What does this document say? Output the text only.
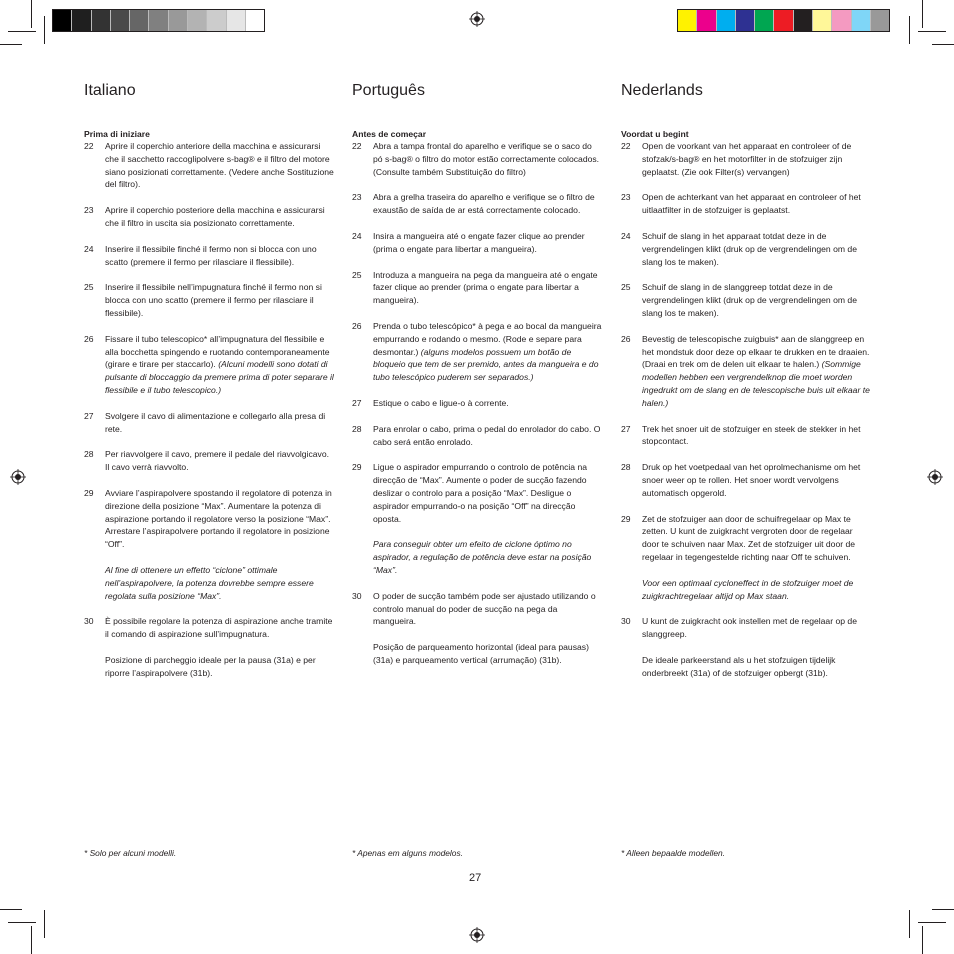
Italiano

Prima di iniziare

22	Aprire il coperchio anteriore della macchina e assicurarsi che il sacchetto raccoglipolvere s-bag® e il filtro del motore siano posizionati correttamente. (Vedere anche Sostituzione del filtro).

23	Aprire il coperchio posteriore della macchina e assicurarsi che il filtro in uscita sia posizionato correttamente.

24	Inserire il flessibile finché il fermo non si blocca con uno scatto (premere il fermo per rilasciare il flessibile).

25	Inserire il flessibile nell’impugnatura finché il fermo non si blocca con uno scatto (premere il fermo per rilasciare il flessibile).

26	Fissare il tubo telescopico* all’impugnatura del flessibile e alla bocchetta spingendo e ruotando contemporaneamente (girare e tirare per staccarlo). (Alcuni modelli sono dotati di pulsante di bloccaggio da premere prima di poter separare il flessibile e il tubo telescopico.)

27	Svolgere il cavo di alimentazione e collegarlo alla presa di rete.

28	Per riavvolgere il cavo, premere il pedale del riavvolgicavo. Il cavo verrà riavvolto.

29	Avviare l’aspirapolvere spostando il regolatore di potenza in direzione della posizione “Max”. Aumentare la potenza di aspirazione portando il regolatore verso la posizione “Max”. Arrestare l’aspirapolvere portando il regolatore in posizione “Off”.

Al fine di ottenere un effetto “ciclone” ottimale nell’aspirapolvere, la potenza dovrebbe sempre essere regolata sulla posizione “Max”.

30	È possibile regolare la potenza di aspirazione anche tramite il comando di aspirazione sull’impugnatura.

Posizione di parcheggio ideale per la pausa (31a) e per riporre l’aspirapolvere (31b).

Português

Antes de começar

22	Abra a tampa frontal do aparelho e verifique se o saco do pó s-bag® o filtro do motor estão correctamente colocados. (Consulte também Substituição do filtro)

23	Abra a grelha traseira do aparelho e verifique se o filtro de exaustão de saída de ar está correctamente colocado.

24	Insira a mangueira até o engate fazer clique ao prender (prima o engate para libertar a mangueira).

25	Introduza a mangueira na pega da mangueira até o engate fazer clique ao prender (prima o engate para libertar a mangueira).

26	Prenda o tubo telescópico* à pega e ao bocal da mangueira empurrando e rodando o mesmo. (Rode e separe para desmontar.) (alguns modelos possuem um botão de bloqueio que tem de ser premido, antes da mangueira e do tubo telescópico puderem ser separados.)

27	Estique o cabo e ligue-o à corrente.

28	Para enrolar o cabo, prima o pedal do enrolador do cabo. O cabo será então enrolado.

29	Ligue o aspirador empurrando o controlo de potência na direcção de “Max”. Aumente o poder de sucção fazendo deslizar o controlo para a posição “Max”. Desligue o aspirador empurrando-o na posição “Off” na direcção oposta.

Para conseguir obter um efeito de ciclone óptimo no aspirador, a regulação de potência deve estar na posição “Max”.

30	O poder de sucção também pode ser ajustado utilizando o controlo manual do poder de sucção na pega da mangueira.

Posição de parqueamento horizontal (ideal para pausas) (31a) e parqueamento vertical (arrumação) (31b).

Nederlands

Voordat u begint

22	Open de voorkant van het apparaat en controleer of de stofzak/s-bag® en het motorfilter in de stofzuiger zijn geplaatst. (Zie ook Filter(s) vervangen)

23	Open de achterkant van het apparaat en controleer of het uitlaatfilter in de stofzuiger is geplaatst.

24	Schuif de slang in het apparaat totdat deze in de vergrendelingen klikt (druk op de vergrendelingen om de slang los te maken).

25	Schuif de slang in de slanggreep totdat deze in de vergrendelingen klikt (druk op de vergrendelingen om de slang los te maken).

26	Bevestig de telescopische zuigbuis* aan de slanggreep en het mondstuk door deze op elkaar te drukken en te draaien. (Draai en trek om de delen uit elkaar te halen.) (Sommige modellen hebben een vergrendelknop die moet worden ingedrukt om de slang en de telescopische buis uit elkaar te halen.)

27	Trek het snoer uit de stofzuiger en steek de stekker in het stopcontact.

28	Druk op het voetpedaal van het oprolmechanisme om het snoer weer op te rollen. Het snoer wordt vervolgens automatisch opgerold.

29	Zet de stofzuiger aan door de schuifregelaar op Max te zetten. U kunt de zuigkracht vergroten door de regelaar door te schuiven naar Max. Zet de stofzuiger uit door de regelaar in tegengestelde richting naar Off te schuiven.

Voor een optimaal cycloneffect in de stofzuiger moet de zuigkrachtregelaar altijd op Max staan.

30	U kunt de zuigkracht ook instellen met de regelaar op de slanggreep.

De ideale parkeerstand als u het stofzuigen tijdelijk onderbreekt (31a) of de stofzuiger opbergt (31b).

* Solo per alcuni modelli.	* Apenas em alguns modelos.	* Alleen bepaalde modellen.
27
